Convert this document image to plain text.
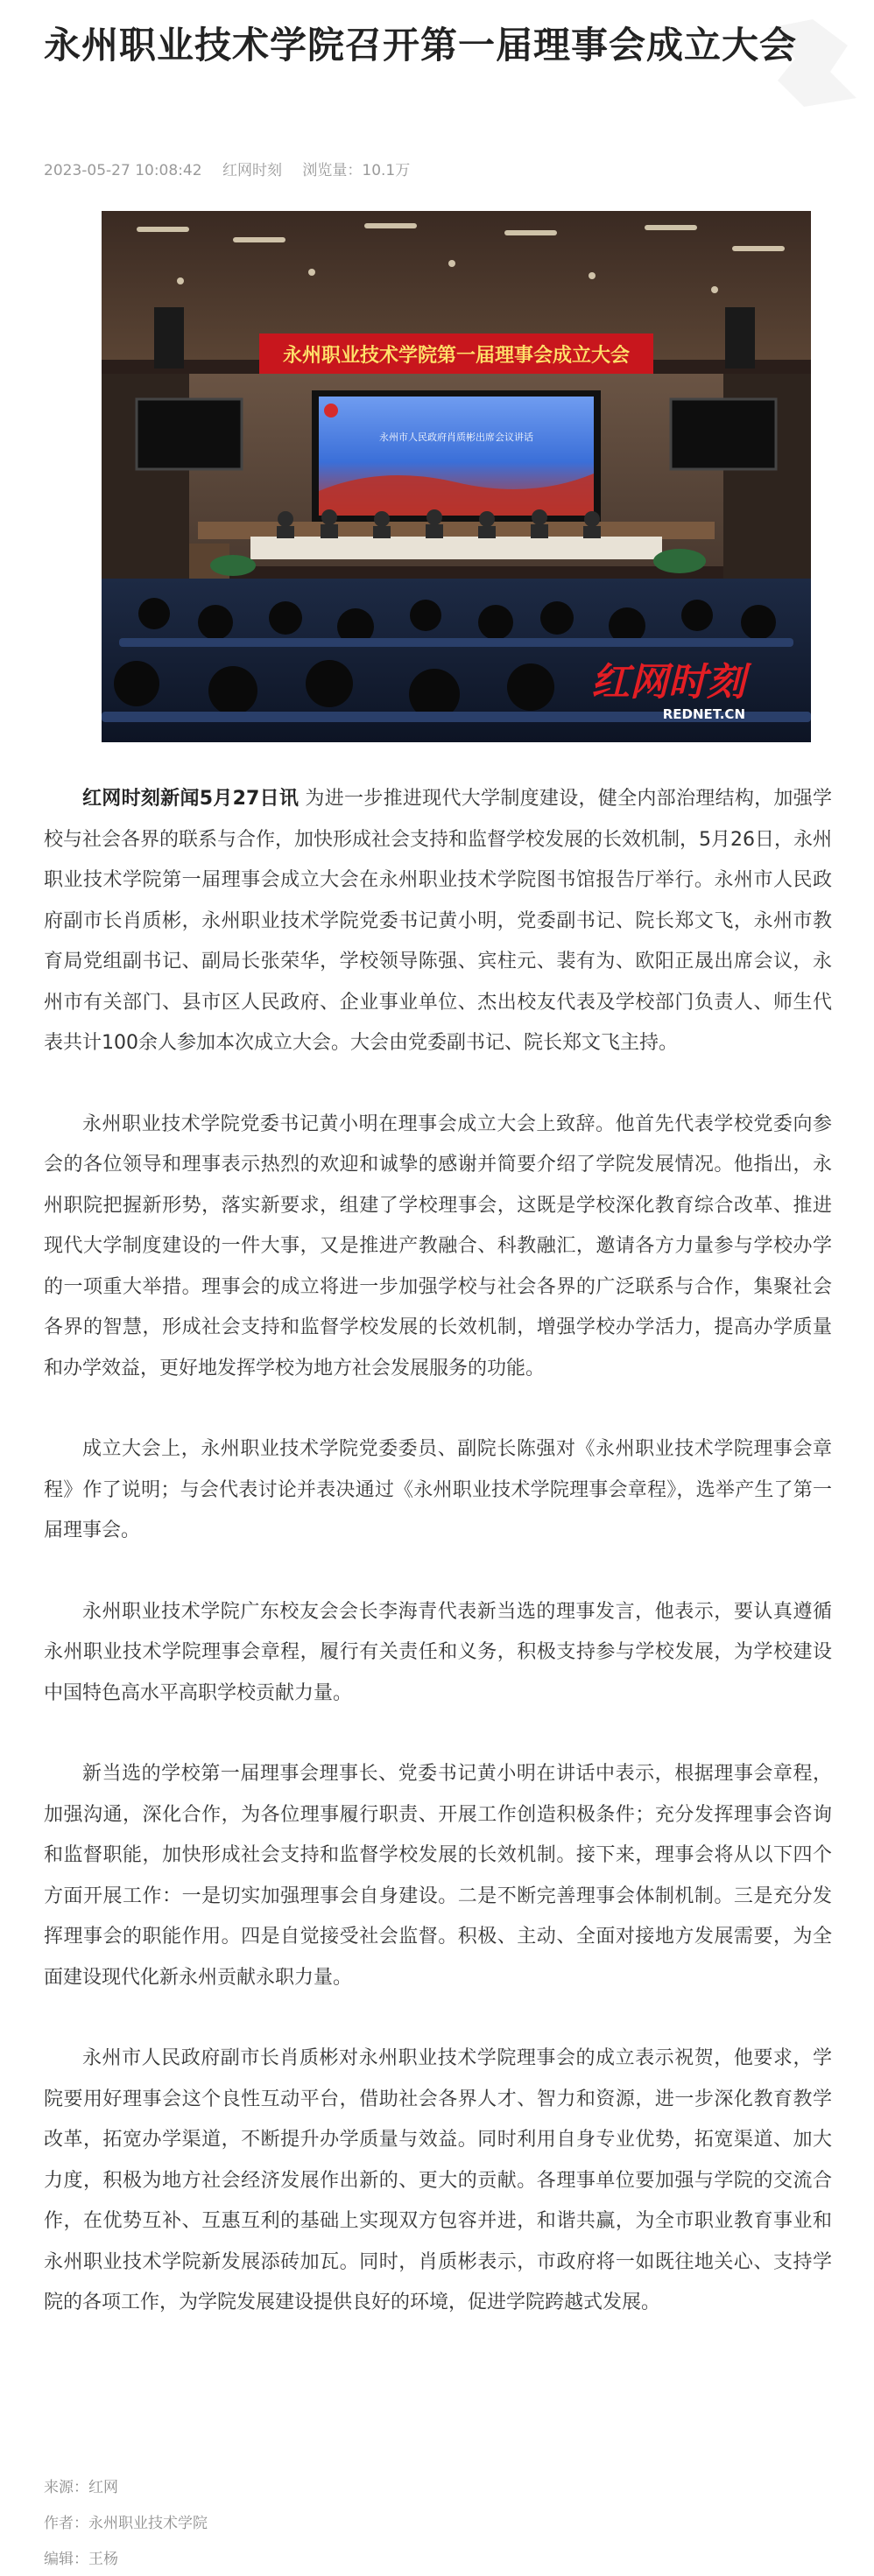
永州职业技术学院召开第一届理事会成立大会
2023-05-27 10:08:42 红网时刻 浏览量：10.1万
永州职业技术学院第一届理事会成立大会
永州市人民政府肖质彬出席会议讲话
红网时刻
REDNET.CN

红网时刻新闻5月27日讯 为进一步推进现代大学制度建设，健全内部治理结构，加强学校与社会各界的联系与合作，加快形成社会支持和监督学校发展的长效机制，5月26日，永州职业技术学院第一届理事会成立大会在永州职业技术学院图书馆报告厅举行。永州市人民政府副市长肖质彬，永州职业技术学院党委书记黄小明，党委副书记、院长郑文飞，永州市教育局党组副书记、副局长张荣华，学校领导陈强、宾柱元、裴有为、欧阳正晟出席会议，永州市有关部门、县市区人民政府、企业事业单位、杰出校友代表及学校部门负责人、师生代表共计100余人参加本次成立大会。大会由党委副书记、院长郑文飞主持。

永州职业技术学院党委书记黄小明在理事会成立大会上致辞。他首先代表学校党委向参会的各位领导和理事表示热烈的欢迎和诚挚的感谢并简要介绍了学院发展情况。他指出，永州职院把握新形势，落实新要求，组建了学校理事会，这既是学校深化教育综合改革、推进现代大学制度建设的一件大事，又是推进产教融合、科教融汇，邀请各方力量参与学校办学的一项重大举措。理事会的成立将进一步加强学校与社会各界的广泛联系与合作，集聚社会各界的智慧，形成社会支持和监督学校发展的长效机制，增强学校办学活力，提高办学质量和办学效益，更好地发挥学校为地方社会发展服务的功能。

成立大会上，永州职业技术学院党委委员、副院长陈强对《永州职业技术学院理事会章程》作了说明；与会代表讨论并表决通过《永州职业技术学院理事会章程》，选举产生了第一届理事会。

永州职业技术学院广东校友会会长李海青代表新当选的理事发言，他表示，要认真遵循永州职业技术学院理事会章程，履行有关责任和义务，积极支持参与学校发展，为学校建设中国特色高水平高职学校贡献力量。

新当选的学校第一届理事会理事长、党委书记黄小明在讲话中表示，根据理事会章程，加强沟通，深化合作，为各位理事履行职责、开展工作创造积极条件；充分发挥理事会咨询和监督职能，加快形成社会支持和监督学校发展的长效机制。接下来，理事会将从以下四个方面开展工作：一是切实加强理事会自身建设。二是不断完善理事会体制机制。三是充分发挥理事会的职能作用。四是自觉接受社会监督。积极、主动、全面对接地方发展需要，为全面建设现代化新永州贡献永职力量。

永州市人民政府副市长肖质彬对永州职业技术学院理事会的成立表示祝贺，他要求，学院要用好理事会这个良性互动平台，借助社会各界人才、智力和资源，进一步深化教育教学改革，拓宽办学渠道，不断提升办学质量与效益。同时利用自身专业优势，拓宽渠道、加大力度，积极为地方社会经济发展作出新的、更大的贡献。各理事单位要加强与学院的交流合作，在优势互补、互惠互利的基础上实现双方包容并进，和谐共赢，为全市职业教育事业和永州职业技术学院新发展添砖加瓦。同时，肖质彬表示，市政府将一如既往地关心、支持学院的各项工作，为学院发展建设提供良好的环境，促进学院跨越式发展。

来源：红网
作者：永州职业技术学院
编辑：王杨
